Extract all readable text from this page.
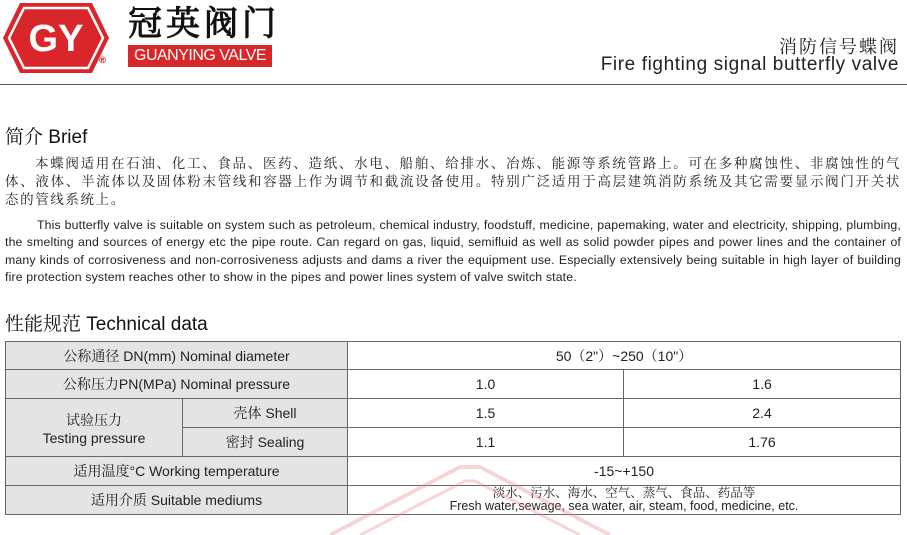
GY
®
冠英阀门
GUANYING VALVE	消防信号蝶阀
Fire fighting signal butterfly valve
简介 Brief
本蝶阀适用在石油、化工、食品、医药、造纸、水电、船舶、给排水、冶炼、能源等系统管路上。可在多种腐蚀性、非腐蚀性的气体、液体、半流体以及固体粉末管线和容器上作为调节和截流设备使用。特别广泛适用于高层建筑消防系统及其它需要显示阀门开关状态的管线系统上。
This butterfly valve is suitable on system such as petroleum, chemical industry, foodstuff, medicine, papemaking, water and electricity, shipping, plumbing, the smelting and sources of energy etc the pipe route. Can regard on gas, liquid, semifluid as well as solid powder pipes and power lines and the container of many kinds of corrosiveness and non-corrosiveness adjusts and dams a river the equipment use. Especially extensively being suitable in high layer of building fire protection system reaches other to show in the pipes and power lines system of valve switch state.
性能规范 Technical data
公称通径 DN(mm) Nominal diameter		50（2"）~250（10"）	
公称压力PN(MPa) Nominal pressure		1.0	1.6

试验压力
Testing pressure	壳体 Shell	1.5	2.4
	密封 Sealing	1.1	1.76
适用温度°C Working temperature		-15~+150	
适用介质 Suitable mediums		淡水、污水、海水、空气、蒸气、食品、药品等
Fresh water,sewage, sea water, air, steam, food, medicine, etc.	
